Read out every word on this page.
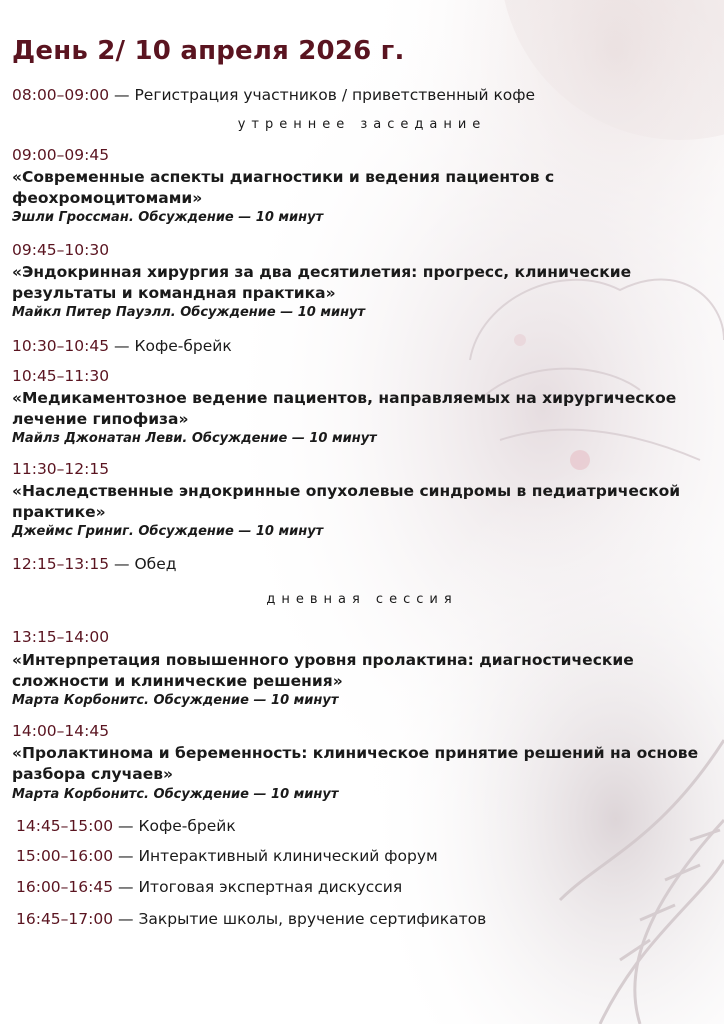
День 2/ 10 апреля 2026 г.
08:00–09:00 — Регистрация участников / приветственный кофе
утреннее заседание
09:00–09:45
«Современные аспекты диагностики и ведения пациентов с феохромоцитомами»
Эшли Гроссман. Обсуждение — 10 минут
09:45–10:30
«Эндокринная хирургия за два десятилетия: прогресс, клинические результаты и командная практика»
Майкл Питер Пауэлл. Обсуждение — 10 минут
10:30–10:45 — Кофе-брейк
10:45–11:30
«Медикаментозное ведение пациентов, направляемых на хирургическое лечение гипофиза»
Майлз Джонатан Леви. Обсуждение — 10 минут
11:30–12:15
«Наследственные эндокринные опухолевые синдромы в педиатрической практике»
Джеймс Гриниг. Обсуждение — 10 минут
12:15–13:15 — Обед
дневная сессия
13:15–14:00
«Интерпретация повышенного уровня пролактина: диагностические сложности и клинические решения»
Марта Корбонитс. Обсуждение — 10 минут
14:00–14:45
«Пролактинома и беременность: клиническое принятие решений на основе разбора случаев»
Марта Корбонитс. Обсуждение — 10 минут
14:45–15:00 — Кофе-брейк
15:00–16:00 — Интерактивный клинический форум
16:00–16:45 — Итоговая экспертная дискуссия
16:45–17:00 — Закрытие школы, вручение сертификатов
